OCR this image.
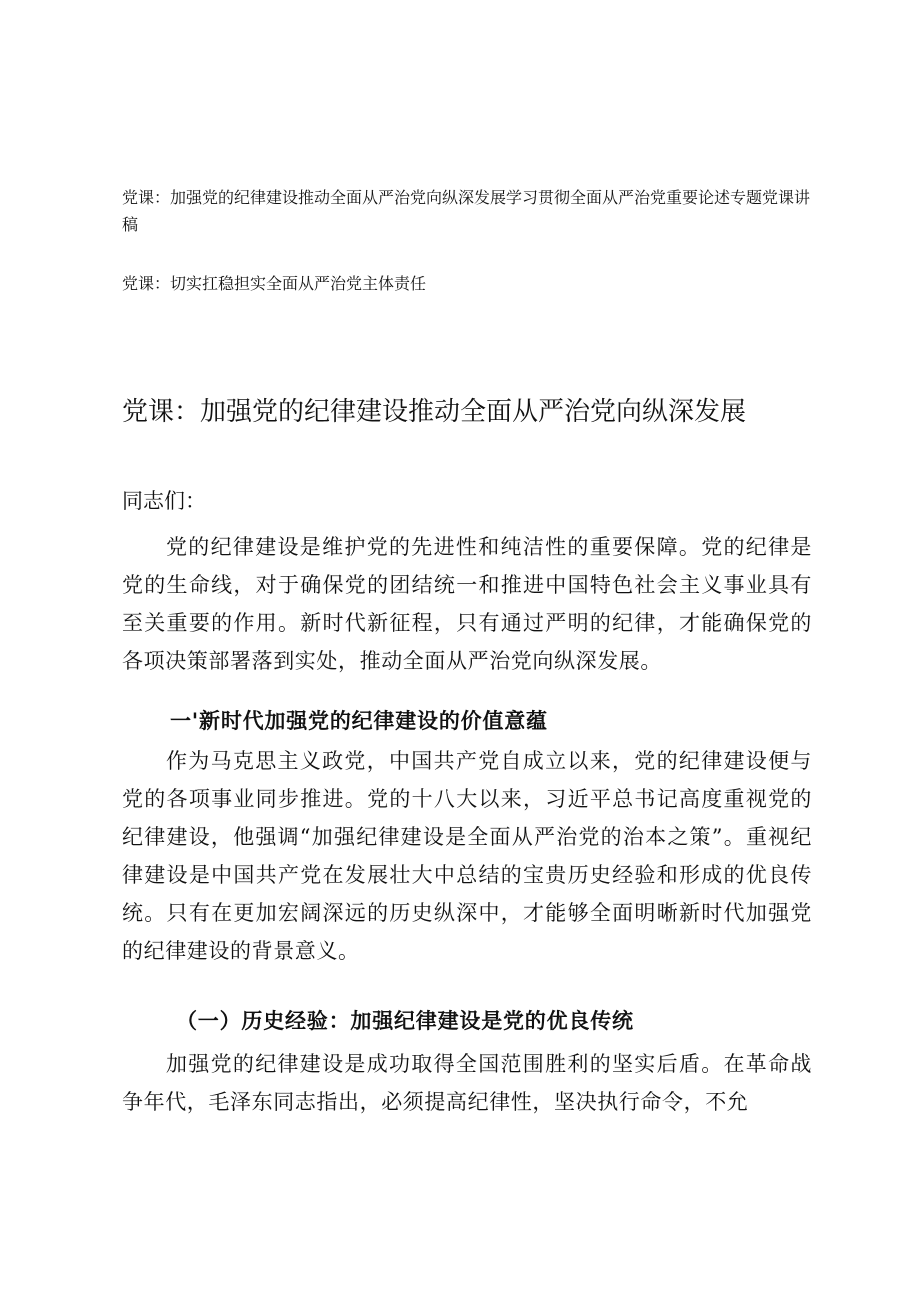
党课：加强党的纪律建设推动全面从严治党向纵深发展学习贯彻全面从严治党重要论述专题党课讲稿
党课：切实扛稳担实全面从严治党主体责任
党课：加强党的纪律建设推动全面从严治党向纵深发展

同志们：

党的纪律建设是维护党的先进性和纯洁性的重要保障。党的纪律是党的生命线，对于确保党的团结统一和推进中国特色社会主义事业具有至关重要的作用。新时代新征程，只有通过严明的纪律，才能确保党的各项决策部署落到实处，推动全面从严治党向纵深发展。

一'新时代加强党的纪律建设的价值意蕴

作为马克思主义政党，中国共产党自成立以来，党的纪律建设便与党的各项事业同步推进。党的十八大以来，习近平总书记高度重视党的纪律建设，他强调“加强纪律建设是全面从严治党的治本之策”。重视纪律建设是中国共产党在发展壮大中总结的宝贵历史经验和形成的优良传统。只有在更加宏阔深远的历史纵深中，才能够全面明晰新时代加强党的纪律建设的背景意义。

（一）历史经验：加强纪律建设是党的优良传统

加强党的纪律建设是成功取得全国范围胜利的坚实后盾。在革命战争年代，毛泽东同志指出，必须提高纪律性，坚决执行命令，不允
